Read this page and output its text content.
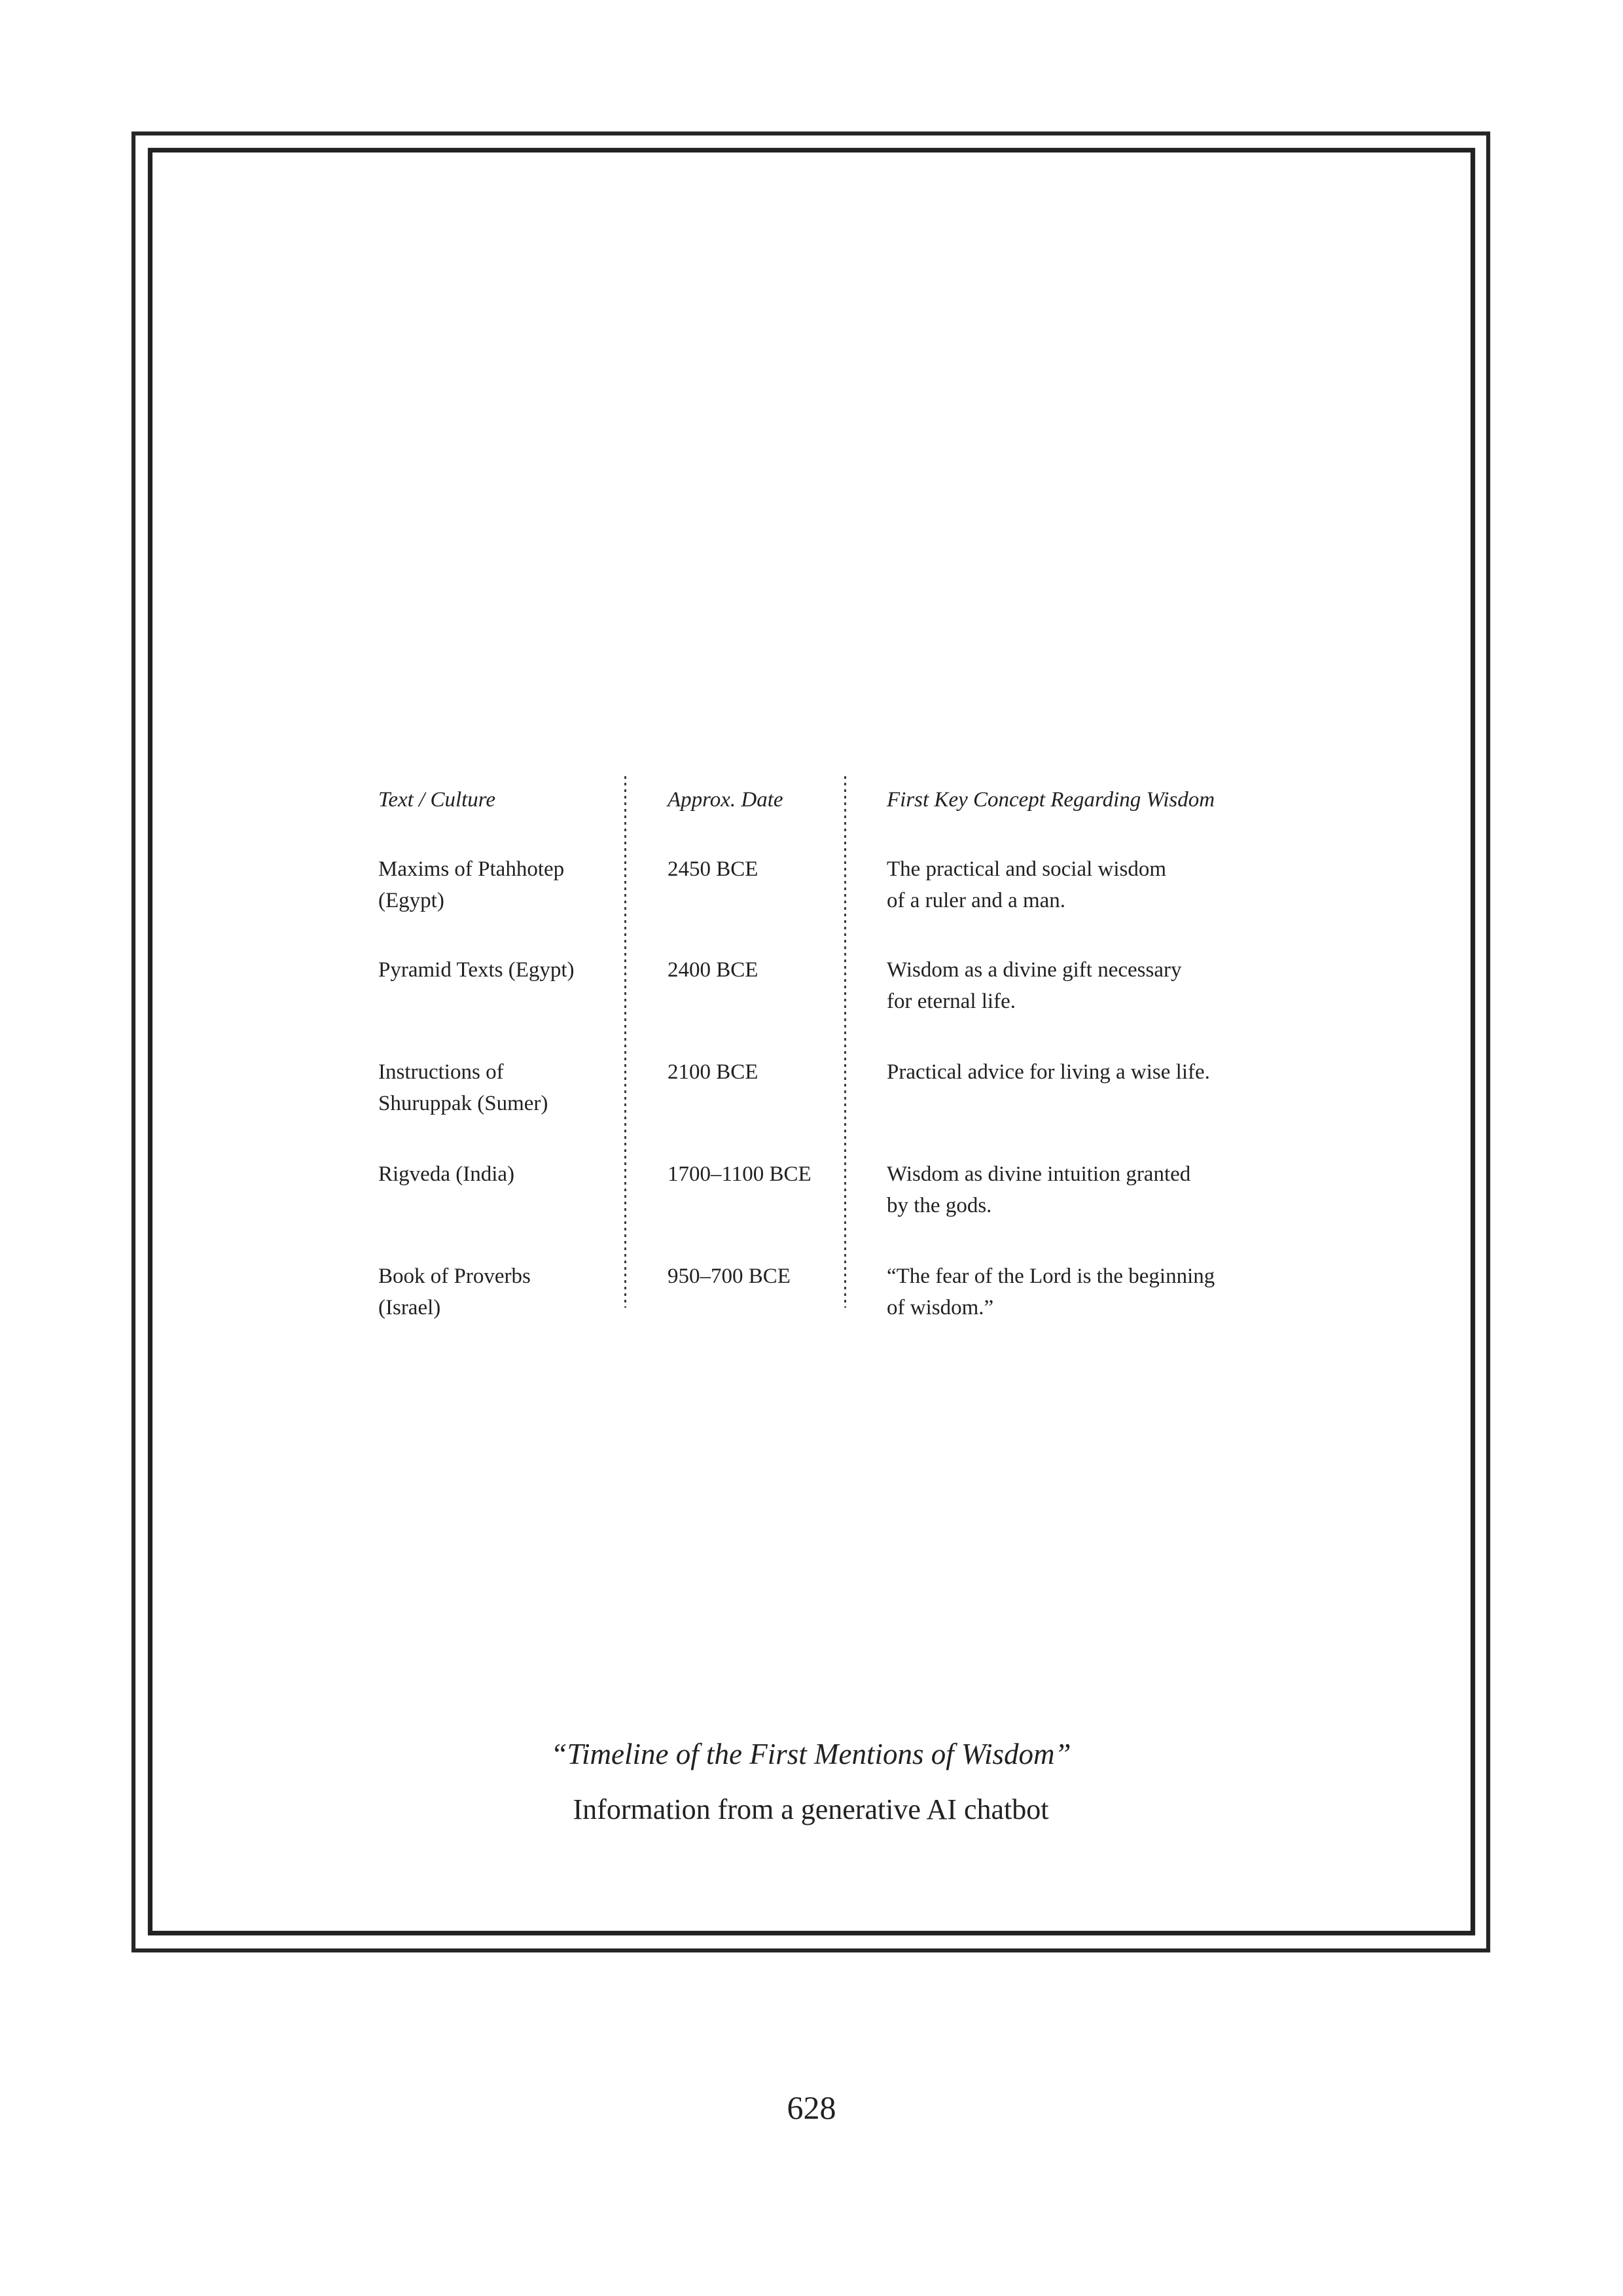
Text / Culture	Approx. Date	First Key Concept Regarding Wisdom
Maxims of Ptahhotep
(Egypt)
2450 BCE	The practical and social wisdom
of a ruler and a man.
Pyramid Texts (Egypt)	2400 BCE	Wisdom as a divine gift necessary
for eternal life.
Instructions of
Shuruppak (Sumer)
2100 BCE	Practical advice for living a wise life.
Rigveda (India)	1700–1100 BCE	Wisdom as divine intuition granted
by the gods.
Book of Proverbs
(Israel)
950–700 BCE	“The fear of the Lord is the beginning
of wisdom.”
“Timeline of the First Mentions of Wisdom”
Information from a generative AI chatbot
628
